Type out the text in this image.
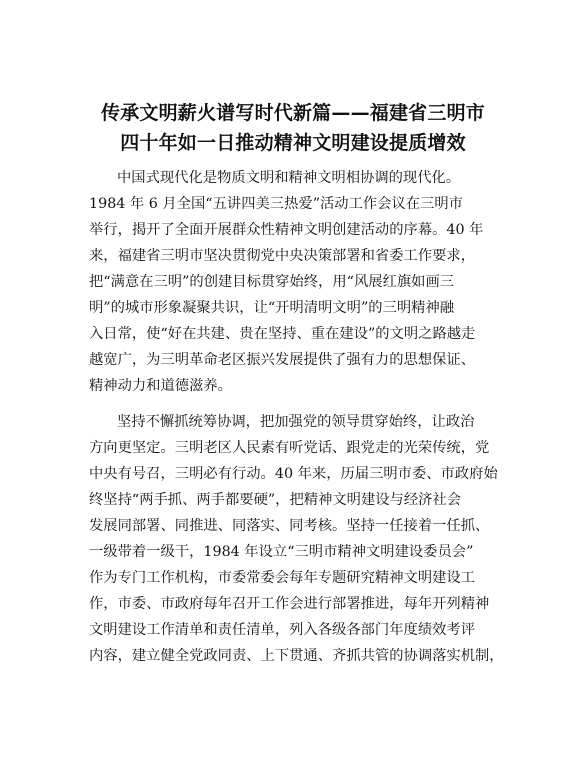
传承文明薪火谱写时代新篇——福建省三明市
四十年如一日推动精神文明建设提质增效
中国式现代化是物质文明和精神文明相协调的现代化。
1984 年 6 月全国“五讲四美三热爱”活动工作会议在三明市
举行，揭开了全面开展群众性精神文明创建活动的序幕。40 年
来，福建省三明市坚决贯彻党中央决策部署和省委工作要求，
把“满意在三明”的创建目标贯穿始终，用“风展红旗如画三
明”的城市形象凝聚共识，让“开明清明文明”的三明精神融
入日常，使“好在共建、贵在坚持、重在建设”的文明之路越走
越宽广，为三明革命老区振兴发展提供了强有力的思想保证、
精神动力和道德滋养。
坚持不懈抓统筹协调，把加强党的领导贯穿始终，让政治
方向更坚定。三明老区人民素有听党话、跟党走的光荣传统，党
中央有号召，三明必有行动。40 年来，历届三明市委、市政府始
终坚持“两手抓、两手都要硬”，把精神文明建设与经济社会
发展同部署、同推进、同落实、同考核。坚持一任接着一任抓、
一级带着一级干，1984 年设立“三明市精神文明建设委员会”
作为专门工作机构，市委常委会每年专题研究精神文明建设工
作，市委、市政府每年召开工作会进行部署推进，每年开列精神
文明建设工作清单和责任清单，列入各级各部门年度绩效考评
内容，建立健全党政同责、上下贯通、齐抓共管的协调落实机制，
